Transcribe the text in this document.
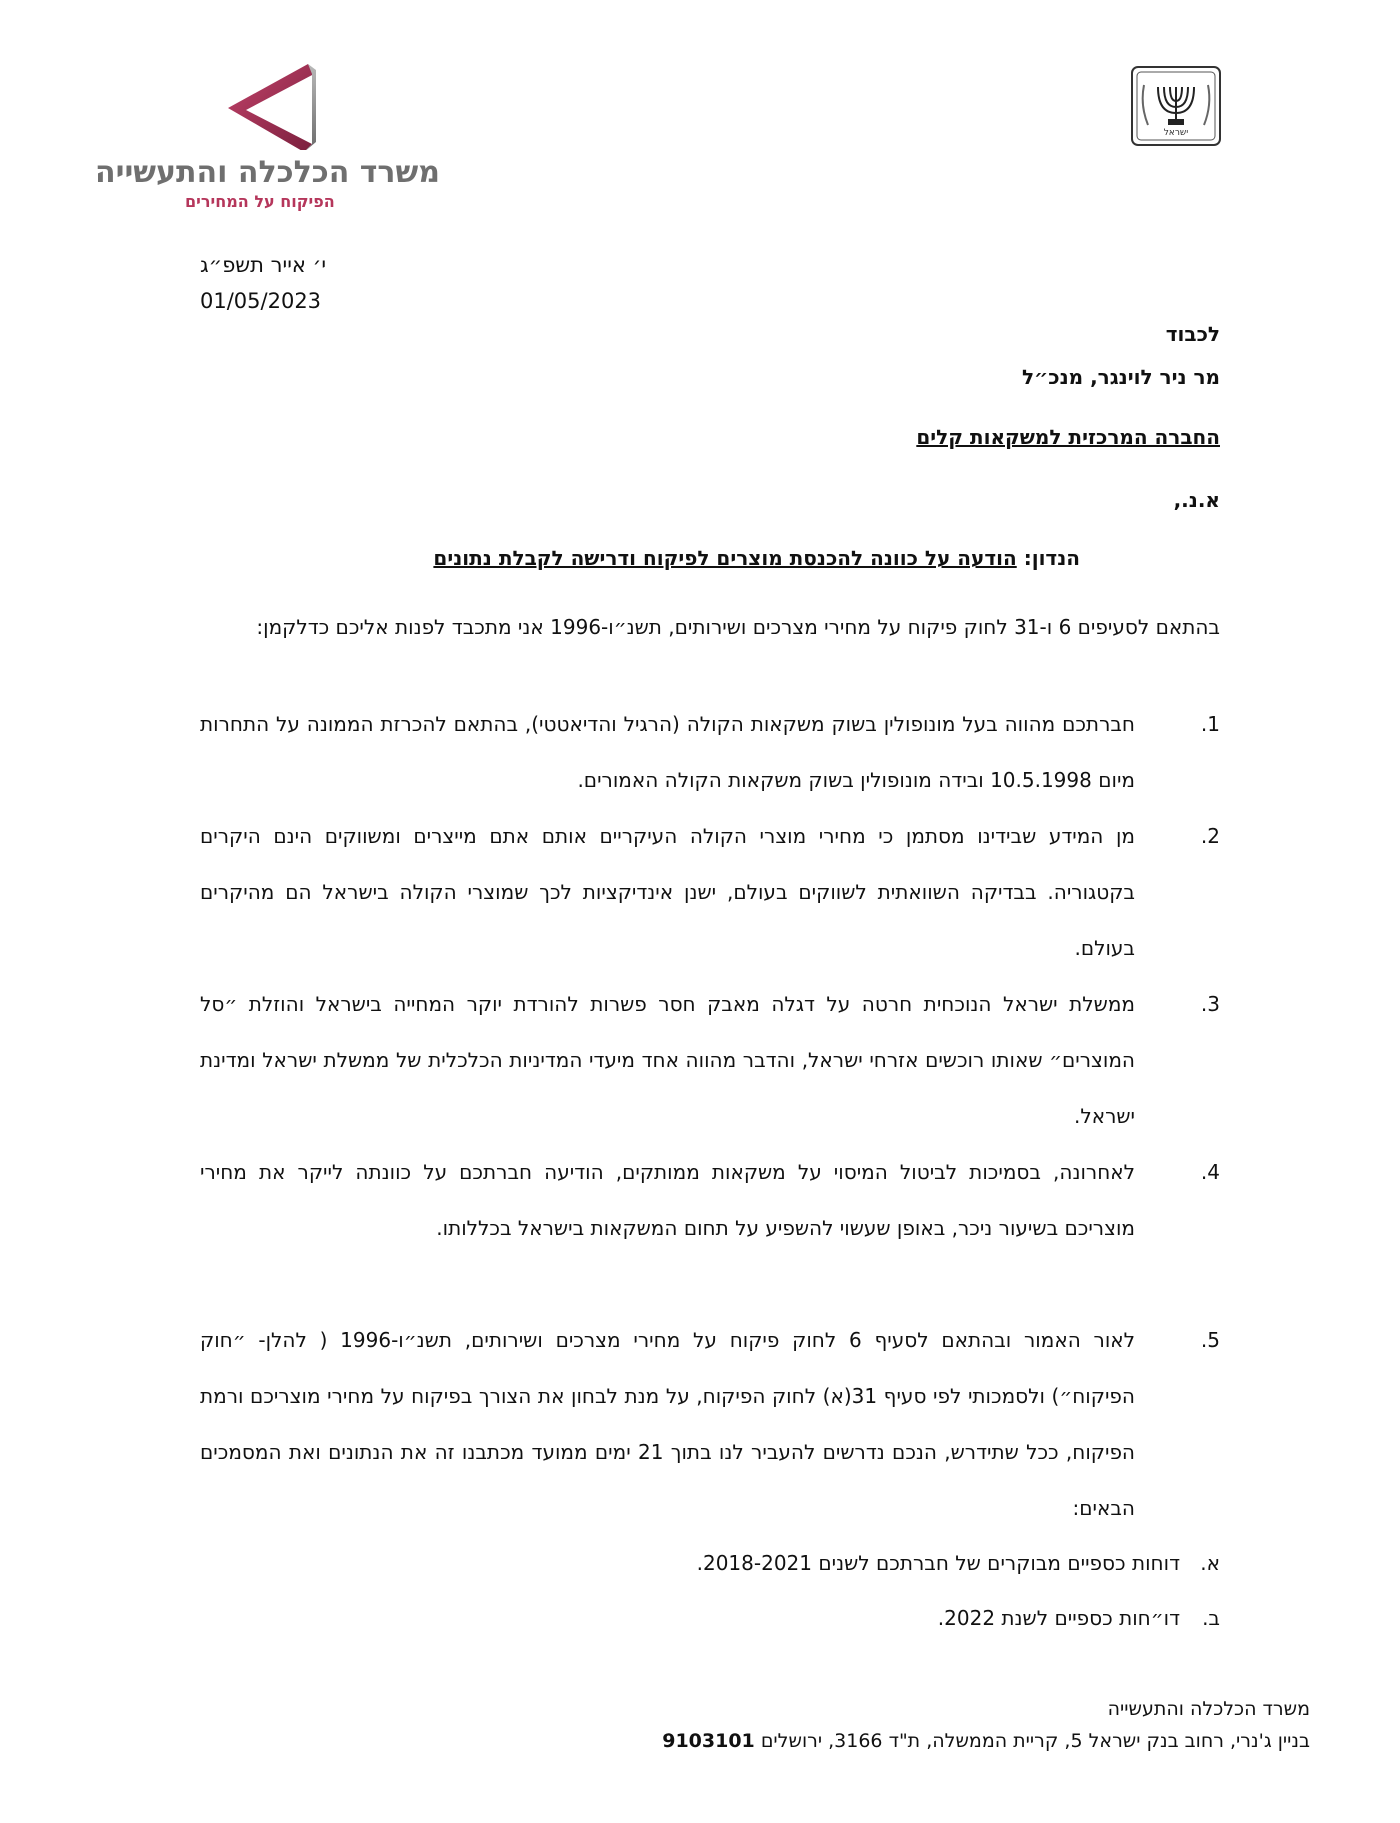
משרד הכלכלה והתעשייה
הפיקוח על המחירים
ישראל
י׳ אייר תשפ״ג
01/05/2023
לכבוד
מר ניר לוינגר, מנכ״ל
החברה המרכזית למשקאות קלים
א.נ.,
הנדון: הודעה על כוונה להכנסת מוצרים לפיקוח ודרישה לקבלת נתונים
בהתאם לסעיפים 6 ו-31 לחוק פיקוח על מחירי מצרכים ושירותים, תשנ״ו-1996 אני מתכבד לפנות אליכם כדלקמן:
1.
חברתכם מהווה בעל מונופולין בשוק משקאות הקולה (הרגיל והדיאטטי), בהתאם להכרזת הממונה על התחרות מיום 10.5.1998 ובידה מונופולין בשוק משקאות הקולה האמורים.
2.
מן המידע שבידינו מסתמן כי מחירי מוצרי הקולה העיקריים אותם אתם מייצרים ומשווקים הינם היקרים בקטגוריה. בבדיקה השוואתית לשווקים בעולם, ישנן אינדיקציות לכך שמוצרי הקולה בישראל הם מהיקרים בעולם.
3.
ממשלת ישראל הנוכחית חרטה על דגלה מאבק חסר פשרות להורדת יוקר המחייה בישראל והוזלת ״סל המוצרים״ שאותו רוכשים אזרחי ישראל, והדבר מהווה אחד מיעדי המדיניות הכלכלית של ממשלת ישראל ומדינת ישראל.
4.
לאחרונה, בסמיכות לביטול המיסוי על משקאות ממותקים, הודיעה חברתכם על כוונתה לייקר את מחירי מוצריכם בשיעור ניכר, באופן שעשוי להשפיע על תחום המשקאות בישראל בכללותו.
5.
לאור האמור ובהתאם לסעיף 6 לחוק פיקוח על מחירי מצרכים ושירותים, תשנ״ו-1996 ( להלן- ״חוק הפיקוח״) ולסמכותי לפי סעיף 31(א) לחוק הפיקוח, על מנת לבחון את הצורך בפיקוח על מחירי מוצריכם ורמת הפיקוח, ככל שתידרש, הנכם נדרשים להעביר לנו בתוך 21 ימים ממועד מכתבנו זה את הנתונים ואת המסמכים הבאים:
א.דוחות כספיים מבוקרים של חברתכם לשנים 2018-2021.
ב.דו״חות כספיים לשנת 2022.
משרד הכלכלה והתעשייה
בניין ג'נרי, רחוב בנק ישראל 5, קריית הממשלה, ת"ד 3166, ירושלים 9103101
